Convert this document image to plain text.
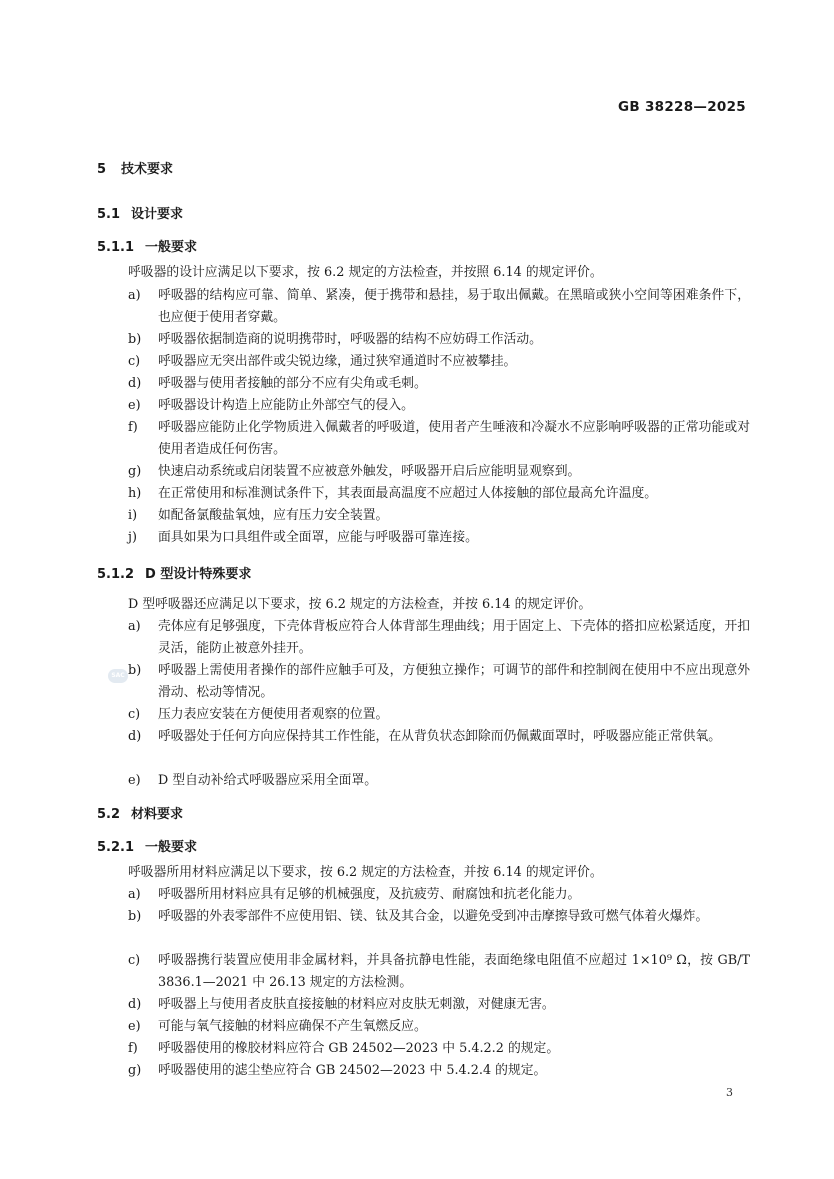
GB 38228—2025
5 技术要求
5.1 设计要求
5.1.1 一般要求
呼吸器的设计应满足以下要求，按 6.2 规定的方法检查，并按照 6.14 的规定评价。
a)	呼吸器的结构应可靠、简单、紧凑，便于携带和悬挂，易于取出佩戴。在黑暗或狭小空间等困难条件下，也应便于使用者穿戴。
b)	呼吸器依据制造商的说明携带时，呼吸器的结构不应妨碍工作活动。
c)	呼吸器应无突出部件或尖锐边缘，通过狭窄通道时不应被攀挂。
d)	呼吸器与使用者接触的部分不应有尖角或毛刺。
e)	呼吸器设计构造上应能防止外部空气的侵入。
f)	呼吸器应能防止化学物质进入佩戴者的呼吸道，使用者产生唾液和冷凝水不应影响呼吸器的正常功能或对使用者造成任何伤害。
g)	快速启动系统或启闭装置不应被意外触发，呼吸器开启后应能明显观察到。
h)	在正常使用和标准测试条件下，其表面最高温度不应超过人体接触的部位最高允许温度。
i)	如配备氯酸盐氧烛，应有压力安全装置。
j)	面具如果为口具组件或全面罩，应能与呼吸器可靠连接。
5.1.2 D 型设计特殊要求
D 型呼吸器还应满足以下要求，按 6.2 规定的方法检查，并按 6.14 的规定评价。
a)	壳体应有足够强度，下壳体背板应符合人体背部生理曲线；用于固定上、下壳体的搭扣应松紧适度，开扣灵活，能防止被意外挂开。
b)	呼吸器上需使用者操作的部件应触手可及，方便独立操作；可调节的部件和控制阀在使用中不应出现意外滑动、松动等情况。
c)	压力表应安装在方便使用者观察的位置。
d)	呼吸器处于任何方向应保持其工作性能，在从背负状态卸除而仍佩戴面罩时，呼吸器应能正常供氧。
e)	D 型自动补给式呼吸器应采用全面罩。
5.2 材料要求
5.2.1 一般要求
呼吸器所用材料应满足以下要求，按 6.2 规定的方法检查，并按 6.14 的规定评价。
a)	呼吸器所用材料应具有足够的机械强度，及抗疲劳、耐腐蚀和抗老化能力。
b)	呼吸器的外表零部件不应使用铝、镁、钛及其合金，以避免受到冲击摩擦导致可燃气体着火爆炸。
c)	呼吸器携行装置应使用非金属材料，并具备抗静电性能，表面绝缘电阻值不应超过 1×10⁹ Ω，按 GB/T 3836.1—2021 中 26.13 规定的方法检测。
d)	呼吸器上与使用者皮肤直接接触的材料应对皮肤无刺激，对健康无害。
e)	可能与氧气接触的材料应确保不产生氧燃反应。
f)	呼吸器使用的橡胶材料应符合 GB 24502—2023 中 5.4.2.2 的规定。
g)	呼吸器使用的滤尘垫应符合 GB 24502—2023 中 5.4.2.4 的规定。
SAC
3
